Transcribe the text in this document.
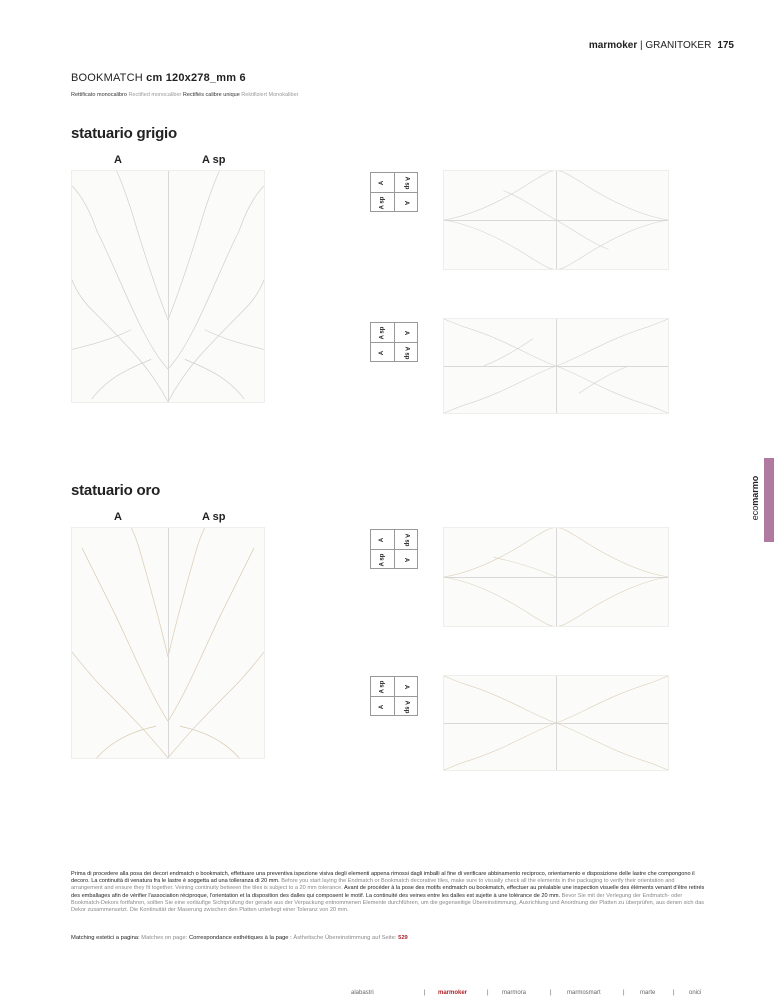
marmoker | GRANITOKER 175
BOOKMATCH cm 120x278_mm 6
Rettificato monocalibro Rectified monocaliber Rectifiés calibre unique Rektifiziert Monokaliber
statuario grigio
A	A sp
A	A sp
A sp	A
A sp	A
A	A sp
statuario oro
A	A sp
A	A sp
A sp	A
A sp	A
A	A sp
ecomarmo

Prima di procedere alla posa dei decori endmatch o bookmatch, effettuare una preventiva ispezione visiva degli elementi appena rimossi dagli imballi al fine di verificare abbinamento reciproco, orientamento e disposizione delle lastre che compongono il decoro. La continuità di venatura fra le lastre è soggetta ad una tolleranza di 20 mm. Before you start laying the Endmatch or Bookmatch decorative tiles, make sure to visually check all the elements in the packaging to verify their orientation and arrangement and ensure they fit together. Veining continuity between the tiles is subject to a 20 mm tolerance. Avant de procéder à la pose des motifs endmatch ou bookmatch, effectuer au préalable une inspection visuelle des éléments venant d'être retirés des emballages afin de vérifier l'association réciproque, l'orientation et la disposition des dalles qui composent le motif. La continuité des veines entre les dalles est sujette à une tolérance de 20 mm. Bevor Sie mit der Verlegung der Endmatch- oder Bookmatch-Dekors fortfahren, sollten Sie eine vorläufige Sichtprüfung der gerade aus der Verpackung entnommenen Elemente durchführen, um die gegenseitige Übereinstimmung, Ausrichtung und Anordnung der Platten zu überprüfen, aus denen sich das Dekor zusammensetzt. Die Kontinuität der Maserung zwischen den Platten unterliegt einer Toleranz von 20 mm.

Matching estetici a pagina: Matches on page: Correspondance esthétiques à la page : Ästhetische Übereinstimmung auf Seite: 529
alabastri	| marmoker	| marmora	|	marmosmart	|	marte	| onici
